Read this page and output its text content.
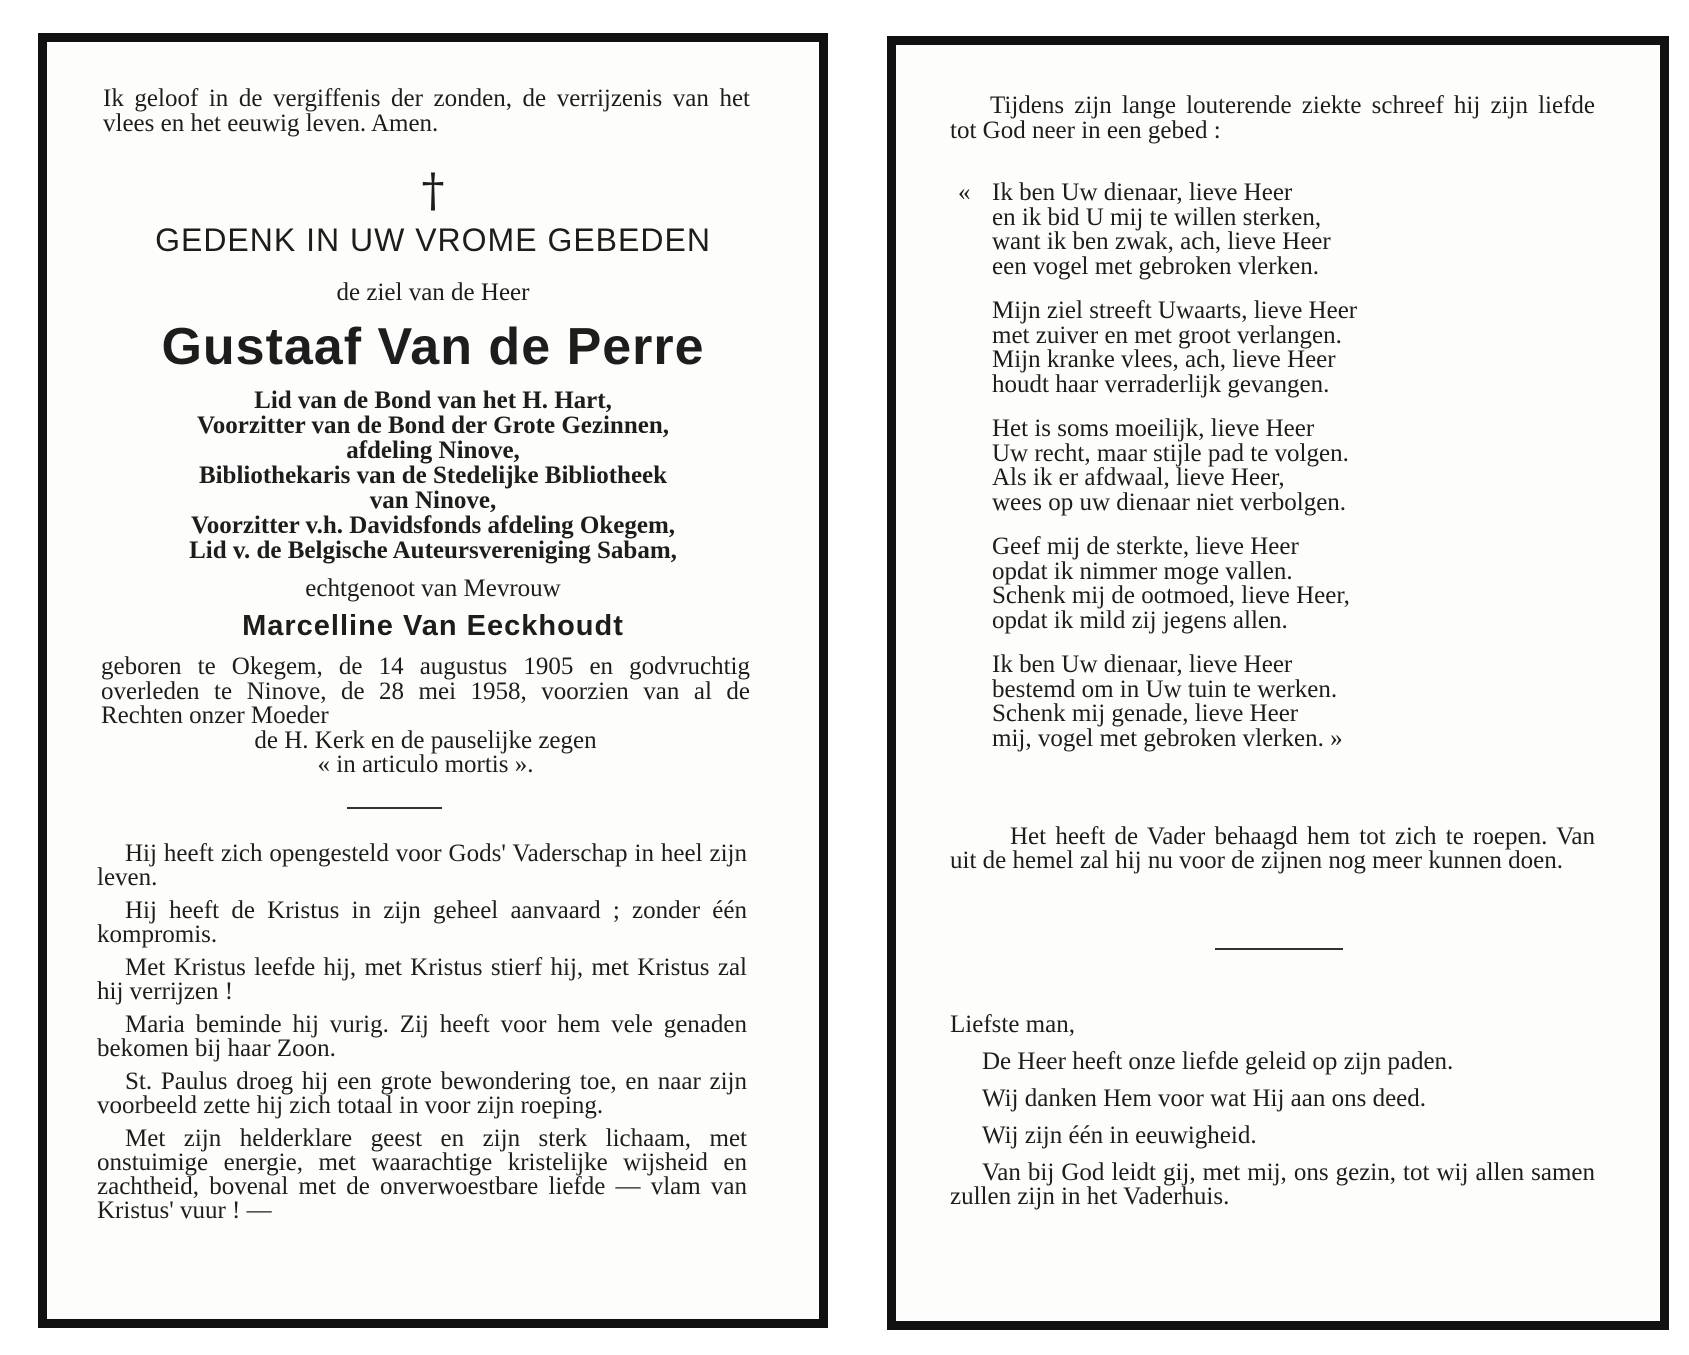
Ik geloof in de vergiffenis der zonden, de verrijzenis van het vlees en het eeuwig leven. Amen.

†
GEDENK IN UW VROME GEBEDEN
de ziel van de Heer
Gustaaf Van de Perre
Lid van de Bond van het H. Hart,
Voorzitter van de Bond der Grote Gezinnen,
afdeling Ninove,
Bibliothekaris van de Stedelijke Bibliotheek
van Ninove,
Voorzitter v.h. Davidsfonds afdeling Okegem,
Lid v. de Belgische Auteursvereniging Sabam,
echtgenoot van Mevrouw
Marcelline Van Eeckhoudt
geboren te Okegem, de 14 augustus 1905 en godvruchtig overleden te Ninove, de 28 mei 1958, voorzien van al de Rechten onzer Moeder
de H. Kerk en de pauselijke zegen
« in articulo mortis ».

Hij heeft zich opengesteld voor Gods' Vaderschap in heel zijn leven.

Hij heeft de Kristus in zijn geheel aanvaard ; zonder één kompromis.

Met Kristus leefde hij, met Kristus stierf hij, met Kristus zal hij verrijzen !

Maria beminde hij vurig. Zij heeft voor hem vele genaden bekomen bij haar Zoon.

St. Paulus droeg hij een grote bewondering toe, en naar zijn voorbeeld zette hij zich totaal in voor zijn roeping.

Met zijn helderklare geest en zijn sterk lichaam, met onstuimige energie, met waarachtige kristelijke wijsheid en zachtheid, bovenal met de onverwoestbare liefde — vlam van Kristus' vuur ! —

Tijdens zijn lange louterende ziekte schreef hij zijn liefde tot God neer in een gebed :

« Ik ben Uw dienaar, lieve Heer
en ik bid U mij te willen sterken,
want ik ben zwak, ach, lieve Heer
een vogel met gebroken vlerken.
Mijn ziel streeft Uwaarts, lieve Heer
met zuiver en met groot verlangen.
Mijn kranke vlees, ach, lieve Heer
houdt haar verraderlijk gevangen.
Het is soms moeilijk, lieve Heer
Uw recht, maar stijle pad te volgen.
Als ik er afdwaal, lieve Heer,
wees op uw dienaar niet verbolgen.
Geef mij de sterkte, lieve Heer
opdat ik nimmer moge vallen.
Schenk mij de ootmoed, lieve Heer,
opdat ik mild zij jegens allen.
Ik ben Uw dienaar, lieve Heer
bestemd om in Uw tuin te werken.
Schenk mij genade, lieve Heer
mij, vogel met gebroken vlerken. »

Het heeft de Vader behaagd hem tot zich te roepen. Van uit de hemel zal hij nu voor de zijnen nog meer kunnen doen.

Liefste man,

De Heer heeft onze liefde geleid op zijn paden.

Wij danken Hem voor wat Hij aan ons deed.

Wij zijn één in eeuwigheid.

Van bij God leidt gij, met mij, ons gezin, tot wij allen samen zullen zijn in het Vaderhuis.
